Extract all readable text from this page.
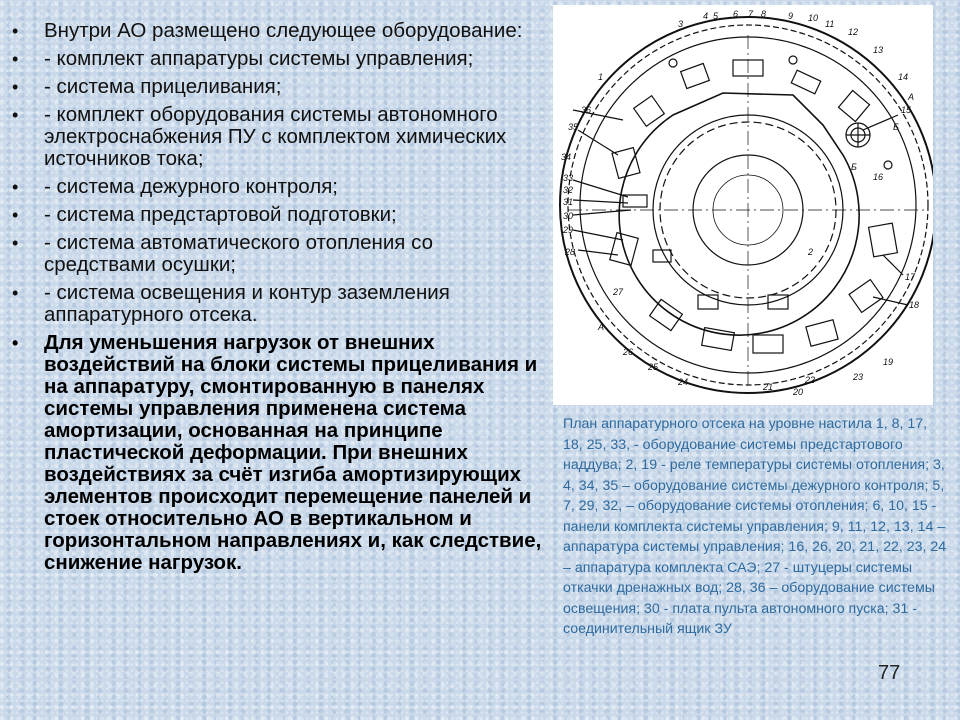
• Внутри АО размещено следующее оборудование:
• - комплект аппаратуры системы управления;
• - система прицеливания;
• - комплект оборудования системы автономного электроснабжения ПУ с комплектом химических источников тока;
• - система дежурного контроля;
• - система предстартовой подготовки;
• - система автоматического отопления со средствами осушки;
• - система освещения и контур заземления аппаратурного отсека.
• Для уменьшения нагрузок от внешних воздействий на блоки системы прицеливания и на аппаратуру, смонтированную в панелях системы управления применена система амортизации, основанная на принципе пластической деформации. При внешних воздействиях за счёт изгиба амортизирующих элементов происходит перемещение панелей и стоек относительно АО в вертикальном и горизонтальном направлениях и, как следствие, снижение нагрузок.
1
2
3
4 5 6 7 8 9 10
11
12
13
14
15
16
17
18
19
20
21
22	23
24
25
26
27
28
29
30
31
32
33
34
35
36
А
Б
А
Б

План аппаратурного отсека на уровне настила 1, 8, 17, 18, 25, 33, - оборудование системы предстартового наддува; 2, 19 - реле температуры системы отопления; 3, 4, 34, 35 – оборудование системы дежурного контроля; 5, 7, 29, 32, – оборудование системы отопления; 6, 10, 15 - панели комплекта системы управления; 9, 11, 12, 13, 14 – аппаратура системы управления; 16, 26, 20, 21, 22, 23, 24 – аппаратура комплекта САЭ; 27 - штуцеры системы откачки дренажных вод; 28, 36 – оборудование системы освещения; 30 - плата пульта автономного пуска; 31 - соединительный ящик ЗУ

77
